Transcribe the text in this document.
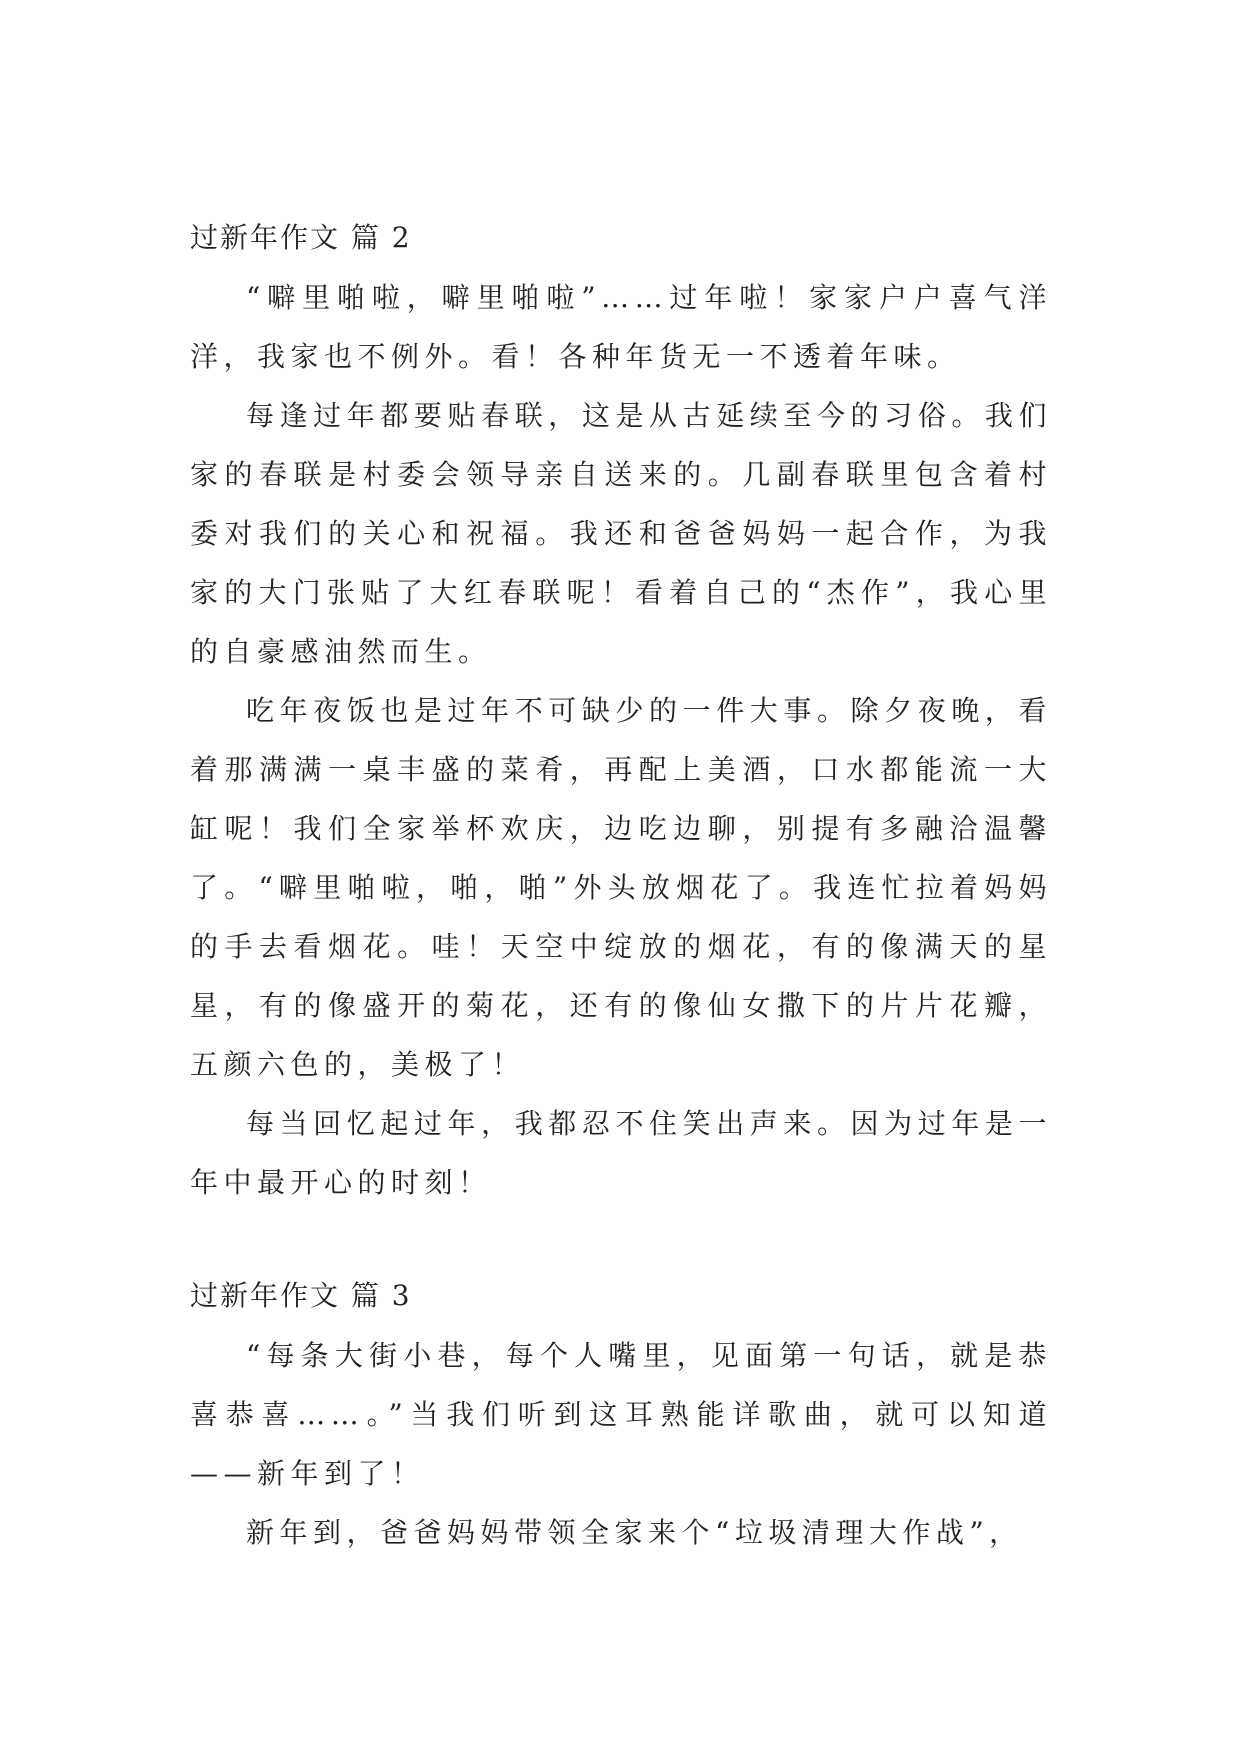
过新年作文 篇 2

“噼里啪啦，噼里啪啦”……过年啦！家家户户喜气洋洋，我家也不例外。看！各种年货无一不透着年味。

每逢过年都要贴春联，这是从古延续至今的习俗。我们家的春联是村委会领导亲自送来的。几副春联里包含着村委对我们的关心和祝福。我还和爸爸妈妈一起合作，为我家的大门张贴了大红春联呢！看着自己的“杰作”，我心里的自豪感油然而生。

吃年夜饭也是过年不可缺少的一件大事。除夕夜晚，看着那满满一桌丰盛的菜肴，再配上美酒，口水都能流一大缸呢！我们全家举杯欢庆，边吃边聊，别提有多融洽温馨了。“噼里啪啦，啪，啪”外头放烟花了。我连忙拉着妈妈的手去看烟花。哇！天空中绽放的烟花，有的像满天的星星，有的像盛开的菊花，还有的像仙女撒下的片片花瓣，五颜六色的，美极了！

每当回忆起过年，我都忍不住笑出声来。因为过年是一年中最开心的时刻！

过新年作文 篇 3

“每条大街小巷，每个人嘴里，见面第一句话，就是恭喜恭喜……。”当我们听到这耳熟能详歌曲，就可以知道——新年到了！

新年到，爸爸妈妈带领全家来个“垃圾清理大作战”，
